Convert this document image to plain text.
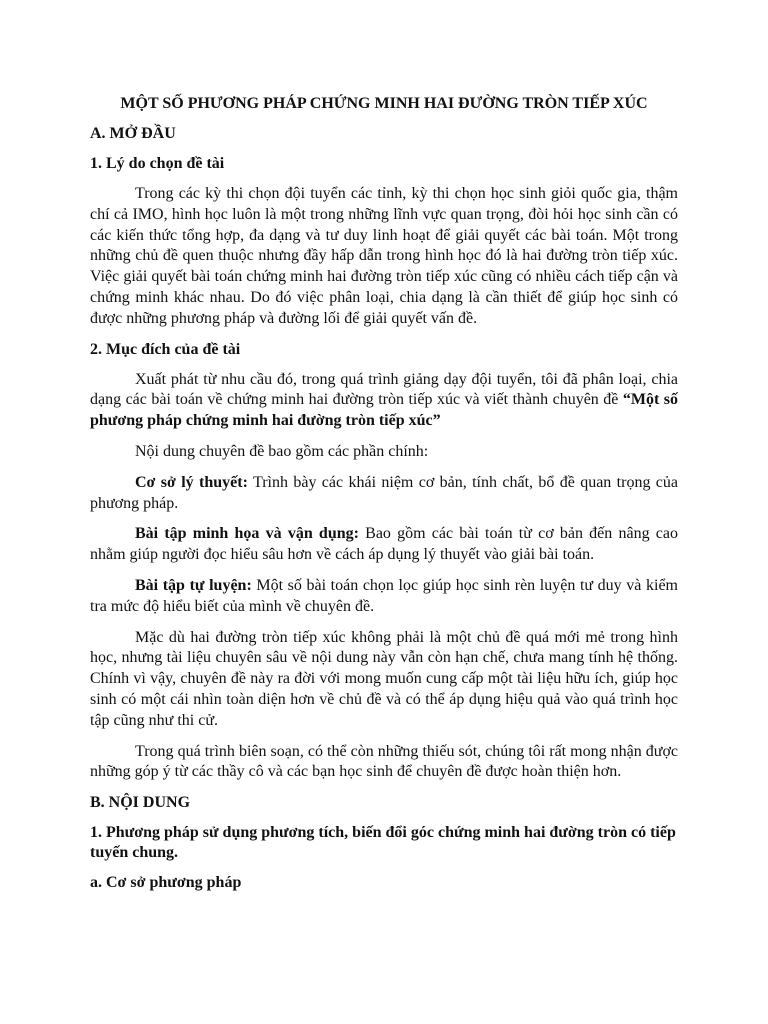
MỘT SỐ PHƯƠNG PHÁP CHỨNG MINH HAI ĐƯỜNG TRÒN TIẾP XÚC
A. MỞ ĐẦU
1. Lý do chọn đề tài
Trong các kỳ thi chọn đội tuyển các tỉnh, kỳ thi chọn học sinh giỏi quốc gia, thậm chí cả IMO, hình học luôn là một trong những lĩnh vực quan trọng, đòi hỏi học sinh cần có các kiến thức tổng hợp, đa dạng và tư duy linh hoạt để giải quyết các bài toán. Một trong những chủ đề quen thuộc nhưng đầy hấp dẫn trong hình học đó là hai đường tròn tiếp xúc. Việc giải quyết bài toán chứng minh hai đường tròn tiếp xúc cũng có nhiều cách tiếp cận và chứng minh khác nhau. Do đó việc phân loại, chia dạng là cần thiết để giúp học sinh có được những phương pháp và đường lối để giải quyết vấn đề.
2. Mục đích của đề tài
Xuất phát từ nhu cầu đó, trong quá trình giảng dạy đội tuyển, tôi đã phân loại, chia dạng các bài toán về chứng minh hai đường tròn tiếp xúc và viết thành chuyên đề “Một số phương pháp chứng minh hai đường tròn tiếp xúc”
Nội dung chuyên đề bao gồm các phần chính:
Cơ sở lý thuyết: Trình bày các khái niệm cơ bản, tính chất, bổ đề quan trọng của phương pháp.
Bài tập minh họa và vận dụng: Bao gồm các bài toán từ cơ bản đến nâng cao nhằm giúp người đọc hiểu sâu hơn về cách áp dụng lý thuyết vào giải bài toán.
Bài tập tự luyện: Một số bài toán chọn lọc giúp học sinh rèn luyện tư duy và kiểm tra mức độ hiểu biết của mình về chuyên đề.
Mặc dù hai đường tròn tiếp xúc không phải là một chủ đề quá mới mẻ trong hình học, nhưng tài liệu chuyên sâu về nội dung này vẫn còn hạn chế, chưa mang tính hệ thống. Chính vì vậy, chuyên đề này ra đời với mong muốn cung cấp một tài liệu hữu ích, giúp học sinh có một cái nhìn toàn diện hơn về chủ đề và có thể áp dụng hiệu quả vào quá trình học tập cũng như thi cử.
Trong quá trình biên soạn, có thể còn những thiếu sót, chúng tôi rất mong nhận được những góp ý từ các thầy cô và các bạn học sinh để chuyên đề được hoàn thiện hơn.
B. NỘI DUNG
1. Phương pháp sử dụng phương tích, biến đổi góc chứng minh hai đường tròn có tiếp tuyến chung.
a. Cơ sở phương pháp
